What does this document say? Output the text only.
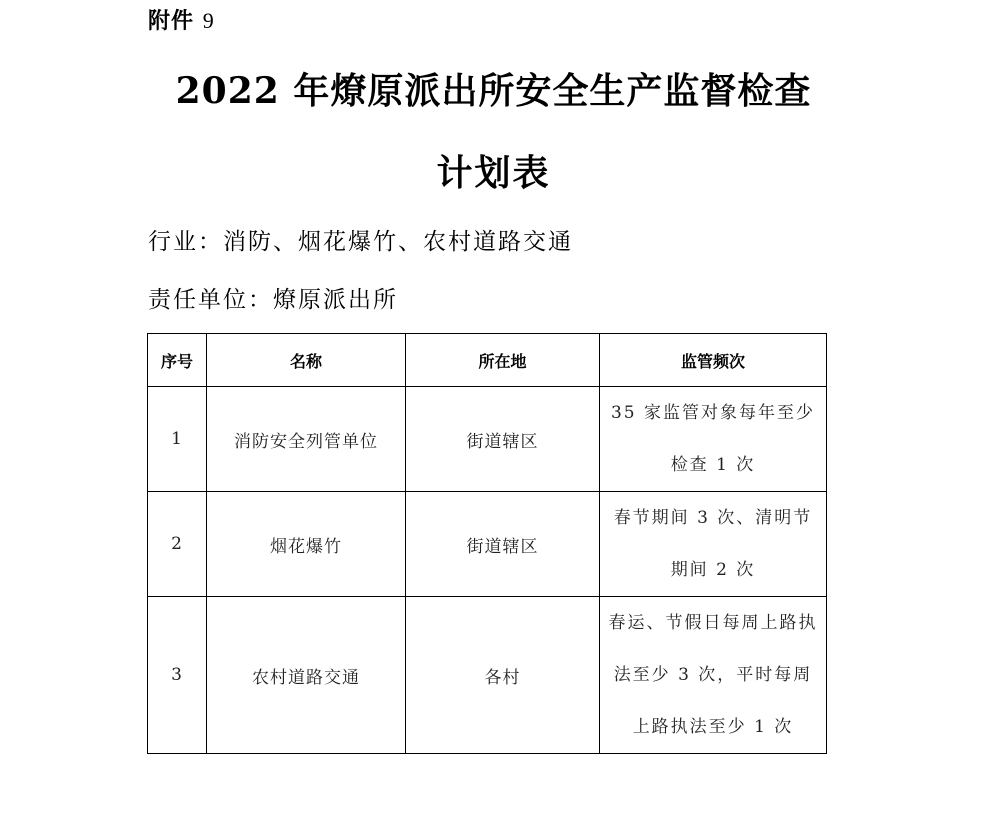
附件 9
2022 年燎原派出所安全生产监督检查
计划表
行业：消防、烟花爆竹、农村道路交通
责任单位：燎原派出所
序号	名称	所在地	监管频次
1	消防安全列管单位	街道辖区	35 家监管对象每年至少检查 1 次
2	烟花爆竹	街道辖区	春节期间 3 次、清明节期间 2 次
3	农村道路交通	各村	春运、节假日每周上路执法至少 3 次，平时每周上路执法至少 1 次
